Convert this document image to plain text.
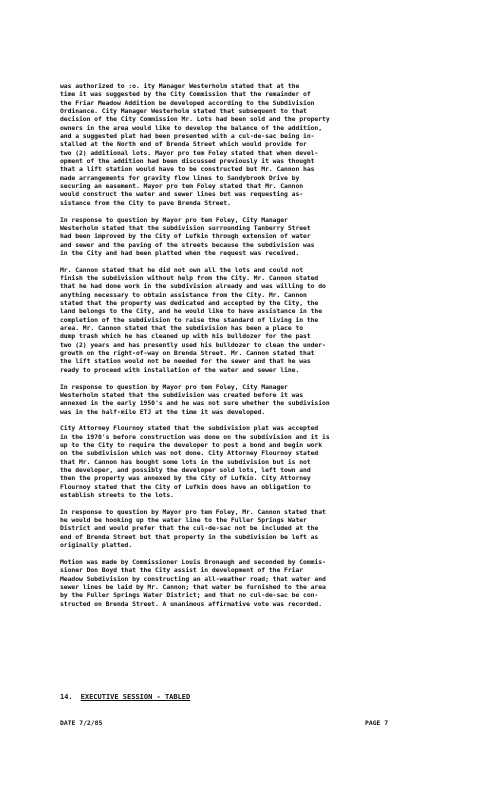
was authorized to :o. ity Manager Westerholm stated that at the
time it was suggested by the City Commission that the remainder of
the Friar Meadow Addition be developed according to the Subdivision
Ordinance. City Manager Westerholm stated that subsequent to that
decision of the City Commission Mr. Lots had been sold and the property
owners in the area would like to develop the balance of the addition,
and a suggested plat had been presented with a cul-de-sac being in-
stalled at the North end of Brenda Street which would provide for
two (2) additional lots. Mayor pro tem Foley stated that when devel-
opment of the addition had been discussed previously it was thought
that a lift station would have to be constructed but Mr. Cannon has
made arrangements for gravity flow lines to Sandybrook Drive by
securing an easement. Mayor pro tem Foley stated that Mr. Cannon
would construct the water and sewer lines but was requesting as-
sistance from the City to pave Brenda Street.
In response to question by Mayor pro tem Foley, City Manager
Westerholm stated that the subdivision surrounding Tanberry Street
had been improved by the City of Lufkin through extension of water
and sewer and the paving of the streets because the subdivision was
in the City and had been platted when the request was received.
Mr. Cannon stated that he did not own all the lots and could not
finish the subdivision without help from the City. Mr. Cannon stated
that he had done work in the subdivision already and was willing to do
anything necessary to obtain assistance from the City. Mr. Cannon
stated that the property was dedicated and accepted by the City, the
land belongs to the City, and he would like to have assistance in the
completion of the subdivision to raise the standard of living in the
area. Mr. Cannon stated that the subdivision has been a place to
dump trash which he has cleaned up with his bulldozer for the past
two (2) years and has presently used his bulldozer to clean the under-
growth on the right-of-way on Brenda Street. Mr. Cannon stated that
the lift station would not be needed for the sewer and that he was
ready to proceed with installation of the water and sewer line.
In response to question by Mayor pro tem Foley, City Manager
Westerholm stated that the subdivision was created before it was
annexed in the early 1950's and he was not sure whether the subdivision
was in the half-mile ETJ at the time it was developed.
City Attorney Flournoy stated that the subdivision plat was accepted
in the 1970's before construction was done on the subdivision and it is
up to the City to require the developer to post a bond and begin work
on the subdivision which was not done. City Attorney Flournoy stated
that Mr. Cannon has bought some lots in the subdivision but is not
the developer, and possibly the developer sold lots, left town and
then the property was annexed by the City of Lufkin. City Attorney
Flournoy stated that the City of Lufkin does have an obligation to
establish streets to the lots.
In response to question by Mayor pro tem Foley, Mr. Cannon stated that
he would be hooking up the water line to the Fuller Springs Water
District and would prefer that the cul-de-sac not be included at the
end of Brenda Street but that property in the subdivision be left as
originally platted.
Motion was made by Commissioner Louis Bronaugh and seconded by Commis-
sioner Don Boyd that the City assist in development of the Friar
Meadow Subdivision by constructing an all-weather road; that water and
sewer lines be laid by Mr. Cannon; that water be furnished to the area
by the Fuller Springs Water District; and that no cul-de-sac be con-
structed on Brenda Street. A unanimous affirmative vote was recorded.
14. EXECUTIVE SESSION - TABLED
DATE 7/2/85	PAGE 7
